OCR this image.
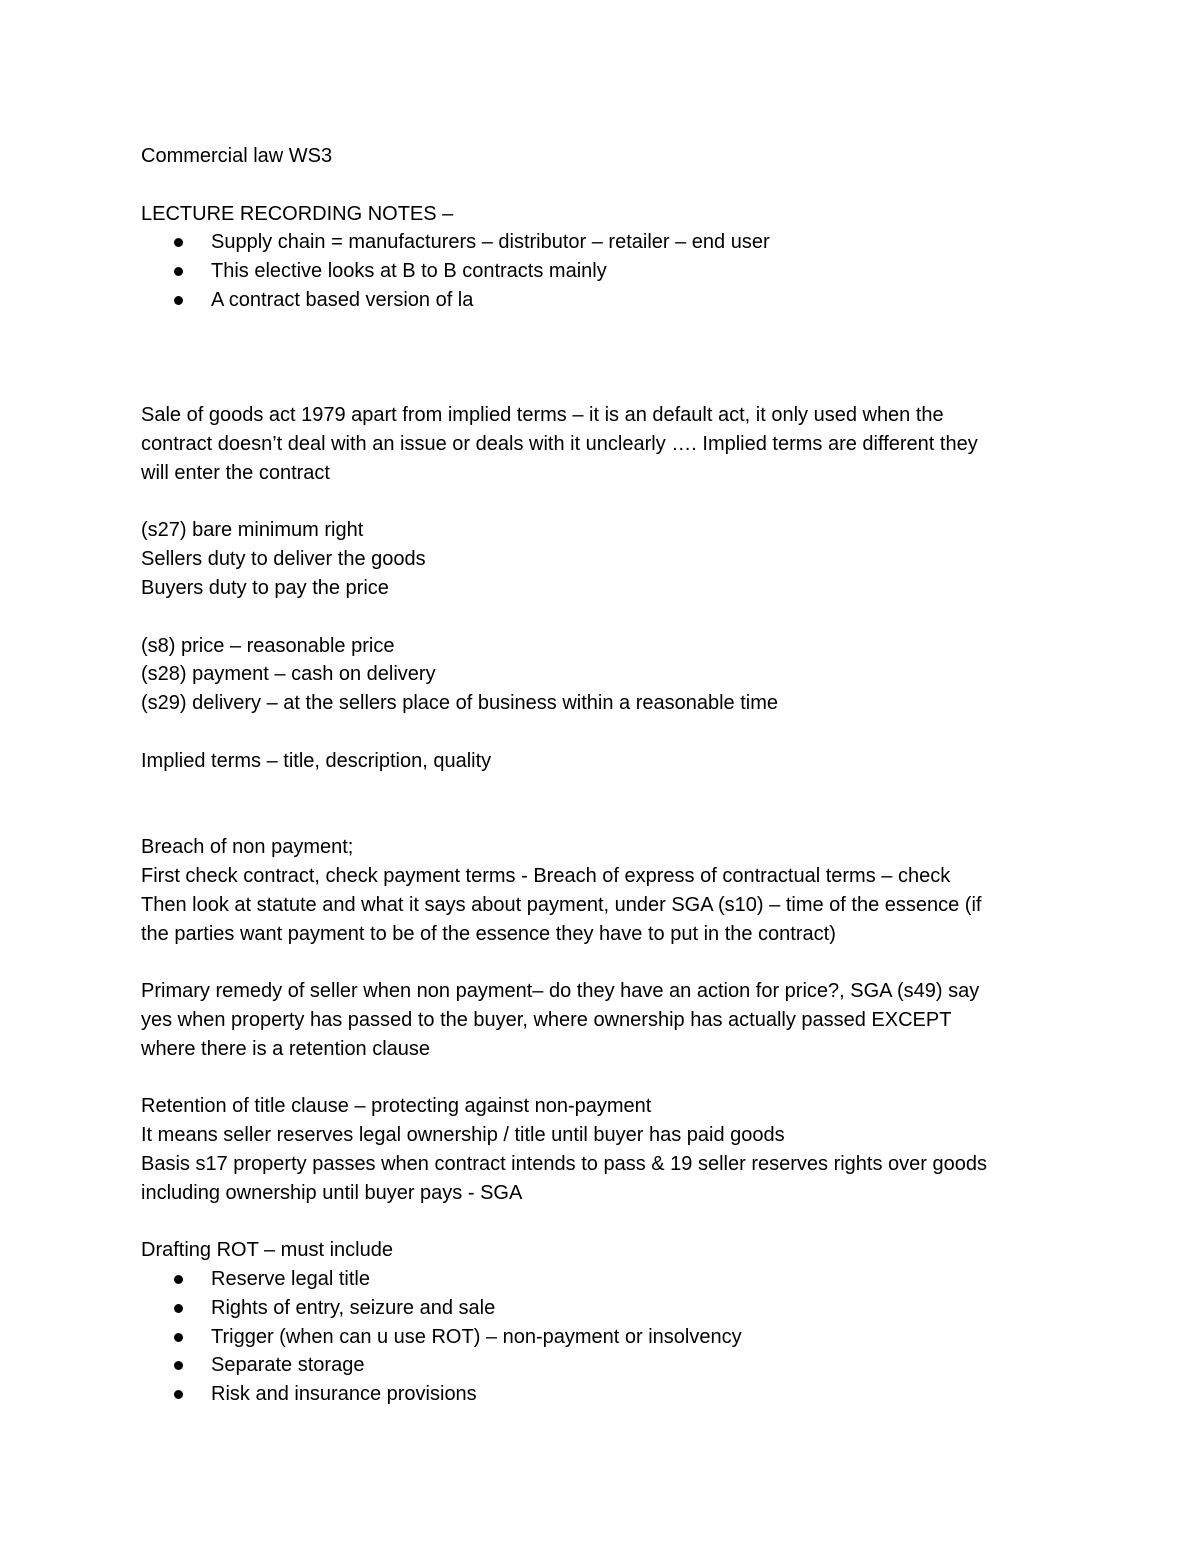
Commercial law WS3

LECTURE RECORDING NOTES –

Supply chain = manufacturers – distributor – retailer – end user
This elective looks at B to B contracts mainly
A contract based version of la

Sale of goods act 1979 apart from implied terms – it is an default act, it only used when the

contract doesn’t deal with an issue or deals with it unclearly …. Implied terms are different they

will enter the contract

(s27) bare minimum right

Sellers duty to deliver the goods

Buyers duty to pay the price

(s8) price – reasonable price

(s28) payment – cash on delivery

(s29) delivery – at the sellers place of business within a reasonable time

Implied terms – title, description, quality

Breach of non payment;

First check contract, check payment terms - Breach of express of contractual terms – check

Then look at statute and what it says about payment, under SGA (s10) – time of the essence (if

the parties want payment to be of the essence they have to put in the contract)

Primary remedy of seller when non payment– do they have an action for price?, SGA (s49) say

yes when property has passed to the buyer, where ownership has actually passed EXCEPT

where there is a retention clause

Retention of title clause – protecting against non-payment

It means seller reserves legal ownership / title until buyer has paid goods

Basis s17 property passes when contract intends to pass & 19 seller reserves rights over goods

including ownership until buyer pays - SGA

Drafting ROT – must include

Reserve legal title
Rights of entry, seizure and sale
Trigger (when can u use ROT) – non-payment or insolvency
Separate storage
Risk and insurance provisions
